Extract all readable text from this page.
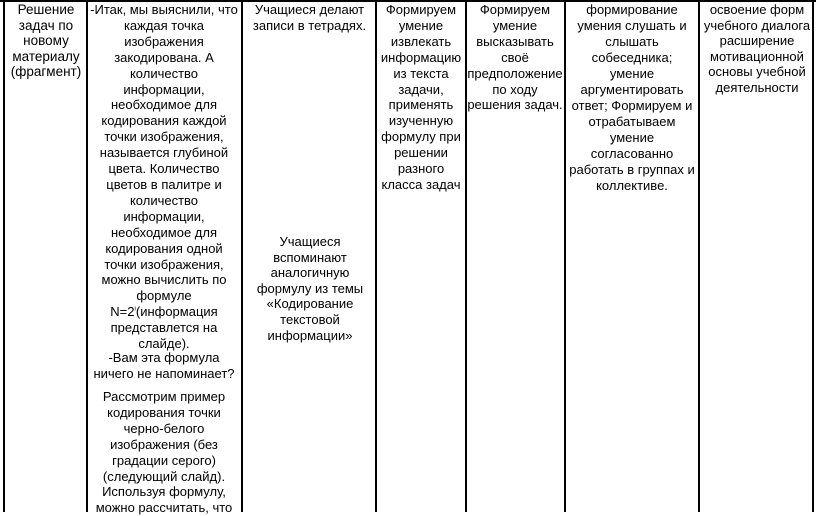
Решение задач по новому материалу (фрагмент)
-Итак, мы выяснили, что каждая точка изображения закодирована. А количество информации, необходимое для кодирования каждой точки изображения, называется глубиной цвета. Количество цветов в палитре и количество информации, необходимое для кодирования одной точки изображения, можно вычислить по формуле $N=2^i(информация$ представлется на слайде).
-Вам эта формула ничего не напоминает?
Рассмотрим пример кодирования точки черно-белого изображения (без градации серого) (следующий слайд). Используя формулу, можно рассчитать, что
Учащиеся делают записи в тетрадях.
Учащиеся вспоминают аналогичную формулу из темы «Кодирование текстовой информации»
Формируем умение извлекать информацию из текста задачи, применять изученную формулу при решении разного класса задач
Формируем умение высказывать своё предположение по ходу решения задач.
формирование умения слушать и слышать собеседника; умение аргументировать ответ; Формируем и отрабатываем умение согласованно работать в группах и коллективе.
освоение форм учебного диалога расширение мотивационной основы учебной деятельности
